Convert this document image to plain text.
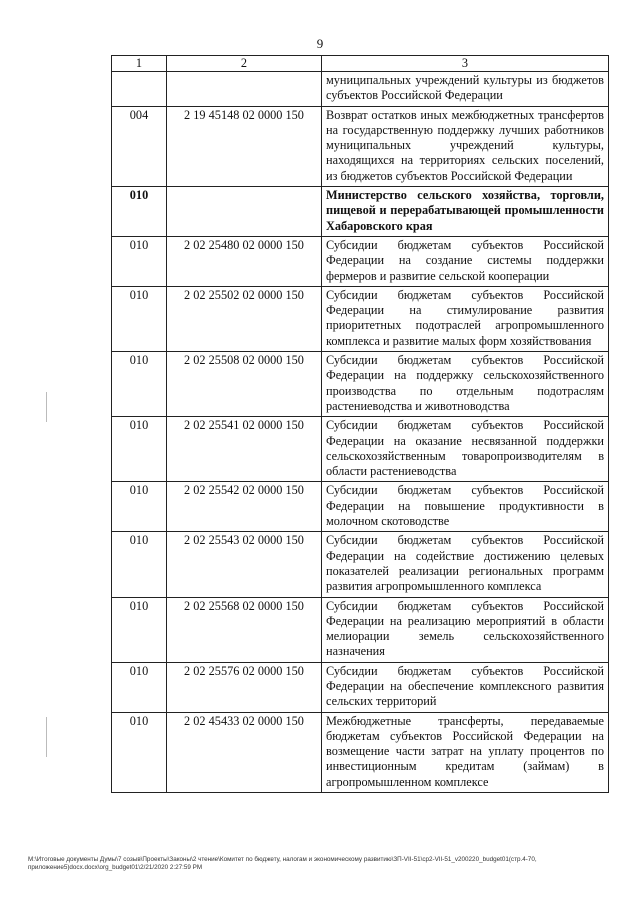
9
1	2	3
		муниципальных учреждений культуры из бюджетов субъектов Российской Федерации
004	2 19 45148 02 0000 150	Возврат остатков иных межбюджетных трансфертов на государственную поддержку лучших работников муниципальных учреждений культуры, находящихся на территориях сельских поселений, из бюджетов субъектов Российской Федерации
010		Министерство сельского хозяйства, торговли, пищевой и перерабатывающей промышленности Хабаровского края
010	2 02 25480 02 0000 150	Субсидии бюджетам субъектов Российской Федерации на создание системы поддержки фермеров и развитие сельской кооперации
010	2 02 25502 02 0000 150	Субсидии бюджетам субъектов Российской Федерации на стимулирование развития приоритетных подотраслей агропромышленного комплекса и развитие малых форм хозяйствования
010	2 02 25508 02 0000 150	Субсидии бюджетам субъектов Российской Федерации на поддержку сельскохозяйственного производства по отдельным подотраслям растениеводства и животноводства
010	2 02 25541 02 0000 150	Субсидии бюджетам субъектов Российской Федерации на оказание несвязанной поддержки сельскохозяйственным товаропроизводителям в области растениеводства
010	2 02 25542 02 0000 150	Субсидии бюджетам субъектов Российской Федерации на повышение продуктивности в молочном скотоводстве
010	2 02 25543 02 0000 150	Субсидии бюджетам субъектов Российской Федерации на содействие достижению целевых показателей реализации региональных программ развития агропромышленного комплекса
010	2 02 25568 02 0000 150	Субсидии бюджетам субъектов Российской Федерации на реализацию мероприятий в области мелиорации земель сельскохозяйственного назначения
010	2 02 25576 02 0000 150	Субсидии бюджетам субъектов Российской Федерации на обеспечение комплексного развития сельских территорий
010	2 02 45433 02 0000 150	Межбюджетные трансферты, передаваемые бюджетам субъектов Российской Федерации на возмещение части затрат на уплату процентов по инвестиционным кредитам (займам) в агропромышленном комплексе
M:\Итоговые документы Думы\7 созыв\Проекты\Законы\2 чтение\Комитет по бюджету, налогам и экономическому развитию\ЗП-VII-51\ср2-VII-51_v200220_budget01(стр.4-70, приложение5)docx.docx\org_budget01\2/21/2020 2:27:59 PM
